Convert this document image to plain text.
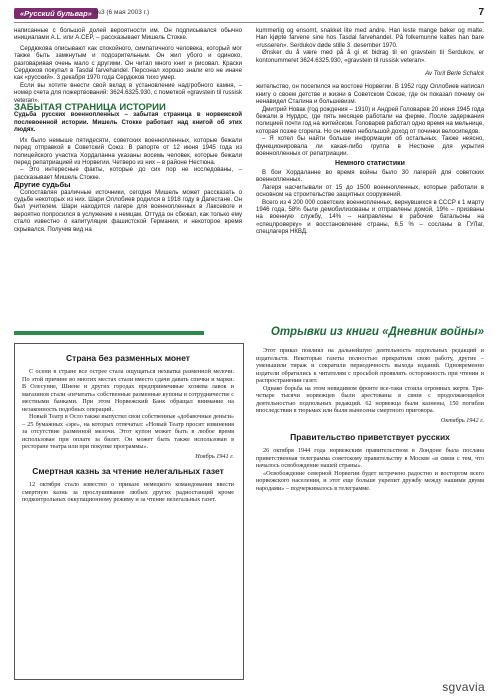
«Русский бульвар» №3 (6 мая 2003 г.)	7

написанные с большой долей вероятности им. Он подписывался обычно инициалами A.L. или A.CEP, – рассказывает Мишель Стокке.

Сердюкова описывают как спокойного, симпатичного человека, который мог также быть замкнутым и подозрительным. Он жил убого и одиноко, разговаривая очень мало с другими. Он читал много книг и рисовал. Краски Сердюков покупал в Tasdal farvehandel. Персонал хорошо знали его не иначе как «русский». 3 декабря 1970 года Сердюков тихо умер.

Если вы хотите внести свой вклад в установление надгробного камня, – номер счета для пожертвований: 3624.6325.930, с пометкой «gravstein til russisk veteran».

ЗАБЫТАЯ СТРАНИЦА ИСТОРИИ

Судьба русских военнопленных – забытая страница в норвежской послевоенной истории. Мишель Стокке работает над книгой об этих людях.

Их было немыше пятидесяти, советских военнопленных, которые бежали перед отправкой в Советский Союз. В рапорте от 12 июня 1945 года из полицейского участка Хордаланна указаны восемь человек, которые бежали перед репатриацией из Норвегии. Четверо из них – в районе Нестюна.

– Это интересные факты, которые до сих пор не исследованы, – рассказывает Мишель Стокке.

Другие судьбы

Сопоставляя различные источники, сегодня Мишель может рассказать о судьбе некоторых из них. Шари Оллобиев родился в 1918 году в Дагестане. Он был учителем. Шари находится лагере для военнопленных в Лаксевоге и вероятно попросился в услужение к немцам. Оттуда он сбежал, как только ему стало известно о капитуляции фашистской Германии, и некоторое время скрывался. Получив вид на

kummerlig og ensomt, snakket lite med andre. Han leste mange bøker og malte. Han kjøpte farvene sine hos Tasdal farvehandel. På folkemunne kaltes han bare «russeren». Serdukov døde stille 3. desember 1970.

Ønsker du å være med på å gi et bidrag til en gravstein til Serdukov, er kontonummeret 3624.6325.930, «gravstein til russisk veteran».

Av Toril Berle Schalck

жительство, он поселился на востоке Норвегии. В 1952 году Оллобиев написал книгу о своем детстве и жизни в Советском Союзе, где он показал почему он ненавидел Сталина и большевизм.

Дмитрий Новак (год рождения – 1910) и Андрей Головарев 20 июня 1945 года бежали в Нурдос, где пять месяцев работали на ферме. После задержания полицией почти год на житейском. Головарев работал одно время на мельнице, которая позже сгорела. Но он имел небольшой доход от починки велосипедов.

– Я хотел бы найти больше информации об остальных. Также неясно, функционировала ли какая-либо группа в Нестюне для укрытия военнопленных от репатриации.

Немного статистики

В бои Хордаланне во время войны было 30 лагерей для советских военнопленных.

Лагеря насчитывали от 15 до 1500 военнопленных, которые работали в основном на строительстве защитных сооружений.

Всего из 4 200 000 советских военнопленных, вернувшихся в СССР к 1 марту 1946 года, 58% были демобилизованы и отправлены домой, 19% – призваны на военную службу, 14% – направлены в рабочие батальоны на «спецпроверку» и восстановление страны, 6,5 % – сосланы в ГУЛаг, спецлагеря НКВД.

Отрывки из книги «Дневник войны»

Страна без разменных монет

С осени в стране все острее стала ощущаться нехватка разменной мелочи. По этой причине во многих местах стали вместо сдачи давать спички и марки. В Олесуние, Шиене и других городах предприимчивые хозяева лавок и магазинов стали «печатать» собственные разменные купоны в сотрудничестве с местными банками. При этом Норвежский Банк обращал внимание на незаконность подобных операций.

Новый Театр в Осло также выпустил свои собственные «добавочные деньги» – 25 бумажных «эре», на которых отпечатал: «Новый Театр просит извинения за отсутствие разменной мелочи. Этот купон может быть в любое время использован при оплате за билет. Он может быть также использован в ресторане театра или при покупке программы».

Ноябрь 1941 г.

Смертная казнь за чтение нелегальных газет

12 октября стало известно о приказе немецкого командования ввести смертную казнь за прослушивание любых других радиостанций кроме подконтрольных оккупационному режиму и за чтение нелегальных газет.

Этот приказ повлиял на дальнейшую деятельность подпольных редакций и издательств. Некоторые газеты полностью прекратили свою работу, другие – уменьшили тираж и сократили периодичность выхода изданий. Одновременно издатели обратились к читателям с просьбой проявлять осторожность при чтении и распространении газет.

Однако борьба на этом невидимом фронте все-таки стоила огромных жертв. Три-четыре тысячи норвежцев были арестованы в связи с продолжающейся деятельностью подпольных редакций. 62 норвежца были казнены, 150 погибли впоследствии в тюрьмах или были вынесены смертного приговора.

Октябрь 1942 г.

Правительство приветствует русских

26 октября 1944 года норвежским правительством в Лондоне была послана приветственная телеграмма советскому правительству в Москве «в связи с тем, что началось освобождение нашей страны».

«Освобождение северной Норвегии будет встречено радостно и восторгом всего норвежского населения, и этот еще больше укрепит дружбу между нашими двумя народами» – подчеркивалось в телеграмме.

sgvavia
